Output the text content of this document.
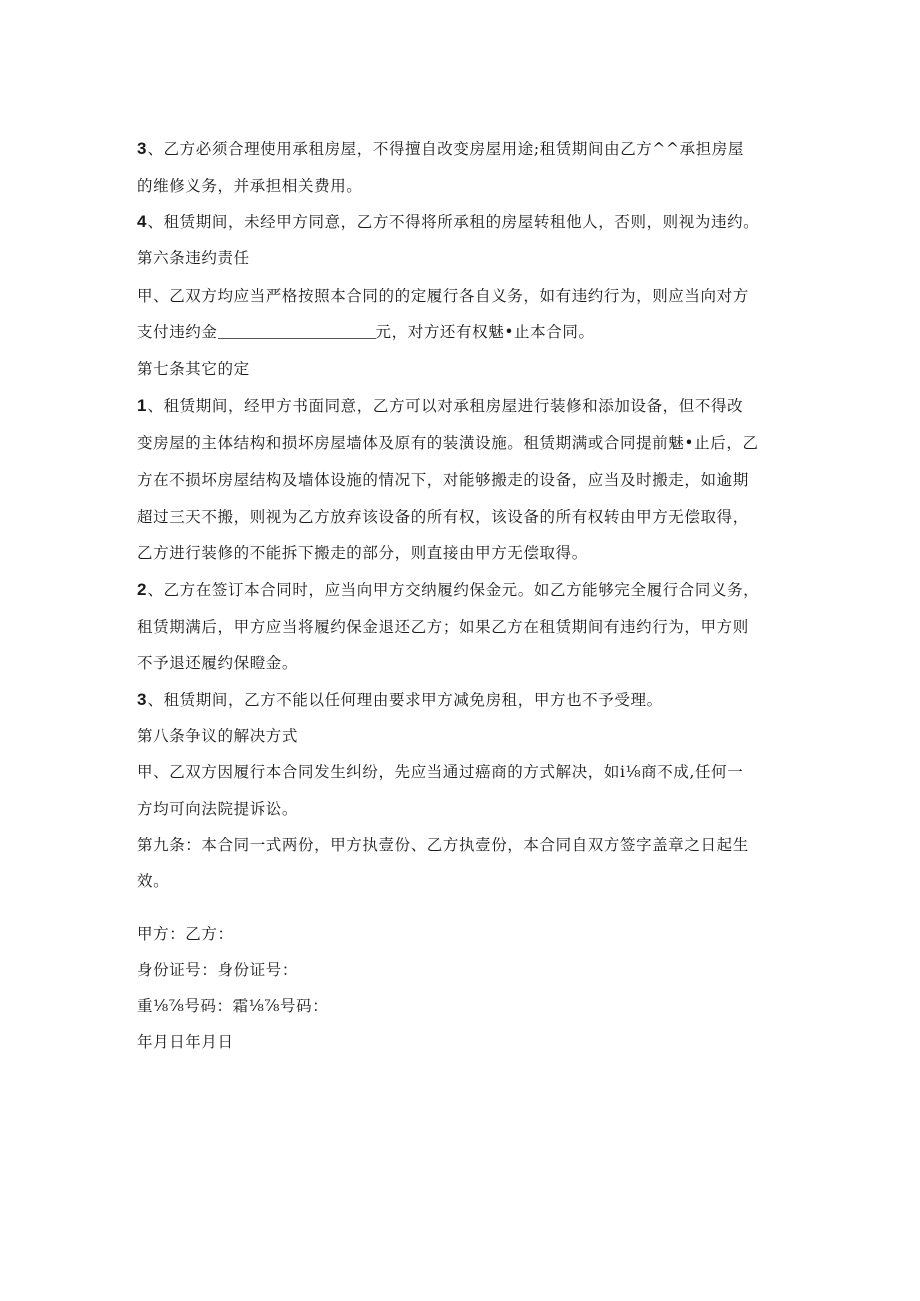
3、乙方必须合理使用承租房屋，不得擅自改变房屋用途;租赁期间由乙方^^承担房屋
的维修义务，并承担相关费用。
4、租赁期间，未经甲方同意，乙方不得将所承租的房屋转租他人，否则，则视为违约。
第六条违约责任
甲、乙双方均应当严格按照本合同的的定履行各自义务，如有违约行为，则应当向对方
支付违约金	元，对方还有权魅•止本合同。
第七条其它的定
1、租赁期间，经甲方书面同意，乙方可以对承租房屋进行装修和添加设备，但不得改
变房屋的主体结构和损坏房屋墙体及原有的装潢设施。租赁期满或合同提前魅•止后，乙
方在不损坏房屋结构及墙体设施的情况下，对能够搬走的设备，应当及时搬走，如逾期
超过三天不搬，则视为乙方放弃该设备的所有权，该设备的所有权转由甲方无偿取得，
乙方进行装修的不能拆下搬走的部分，则直接由甲方无偿取得。
2、乙方在签订本合同时，应当向甲方交纳履约保金元。如乙方能够完全履行合同义务，
租赁期满后，甲方应当将履约保金退还乙方；如果乙方在租赁期间有违约行为，甲方则
不予退还履约保瞪金。
3、租赁期间，乙方不能以任何理由要求甲方减免房租，甲方也不予受理。
第八条争议的解决方式
甲、乙双方因履行本合同发生纠纷，先应当通过癌商的方式解决，如i⅛商不成,任何一
方均可向法院提诉讼。
第九条：本合同一式两份，甲方执壹份、乙方执壹份，本合同自双方签字盖章之日起生
效。
甲方：乙方：
身份证号：身份证号：
重⅛⅞号码：霜⅛⅞号码：
年月日年月日
